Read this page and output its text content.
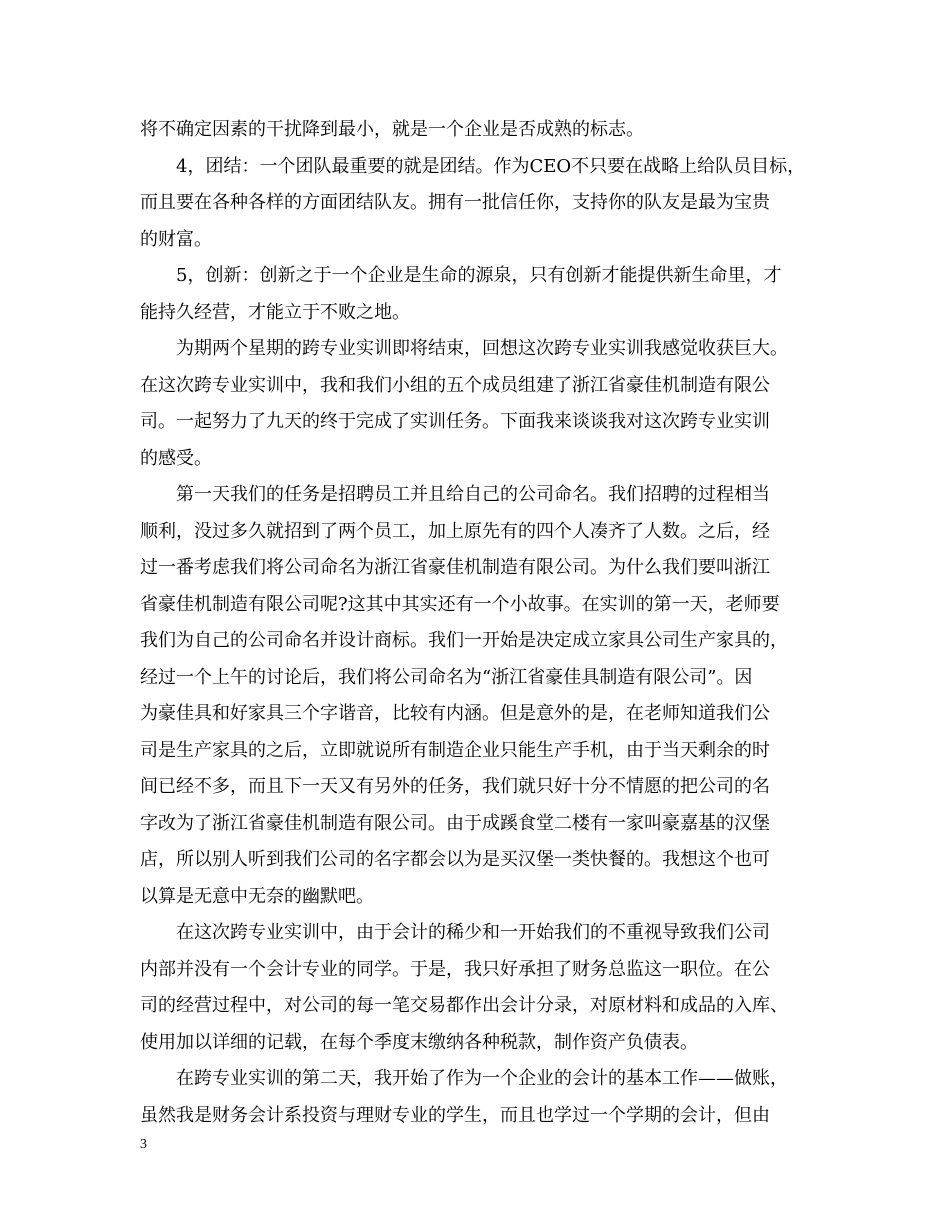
将不确定因素的干扰降到最小，就是一个企业是否成熟的标志。
4，团结：一个团队最重要的就是团结。作为CEO不只要在战略上给队员目标，
而且要在各种各样的方面团结队友。拥有一批信任你，支持你的队友是最为宝贵
的财富。
5，创新：创新之于一个企业是生命的源泉，只有创新才能提供新生命里，才
能持久经营，才能立于不败之地。
为期两个星期的跨专业实训即将结束，回想这次跨专业实训我感觉收获巨大。
在这次跨专业实训中，我和我们小组的五个成员组建了浙江省豪佳机制造有限公
司。一起努力了九天的终于完成了实训任务。下面我来谈谈我对这次跨专业实训
的感受。
第一天我们的任务是招聘员工并且给自己的公司命名。我们招聘的过程相当
顺利，没过多久就招到了两个员工，加上原先有的四个人凑齐了人数。之后，经
过一番考虑我们将公司命名为浙江省豪佳机制造有限公司。为什么我们要叫浙江
省豪佳机制造有限公司呢?这其中其实还有一个小故事。在实训的第一天，老师要
我们为自己的公司命名并设计商标。我们一开始是决定成立家具公司生产家具的，
经过一个上午的讨论后，我们将公司命名为“浙江省豪佳具制造有限公司”。因
为豪佳具和好家具三个字谐音，比较有内涵。但是意外的是，在老师知道我们公
司是生产家具的之后，立即就说所有制造企业只能生产手机，由于当天剩余的时
间已经不多，而且下一天又有另外的任务，我们就只好十分不情愿的把公司的名
字改为了浙江省豪佳机制造有限公司。由于成蹊食堂二楼有一家叫豪嘉基的汉堡
店，所以别人听到我们公司的名字都会以为是买汉堡一类快餐的。我想这个也可
以算是无意中无奈的幽默吧。
在这次跨专业实训中，由于会计的稀少和一开始我们的不重视导致我们公司
内部并没有一个会计专业的同学。于是，我只好承担了财务总监这一职位。在公
司的经营过程中，对公司的每一笔交易都作出会计分录，对原材料和成品的入库、
使用加以详细的记载，在每个季度末缴纳各种税款，制作资产负债表。
在跨专业实训的第二天，我开始了作为一个企业的会计的基本工作——做账，
虽然我是财务会计系投资与理财专业的学生，而且也学过一个学期的会计，但由
3
